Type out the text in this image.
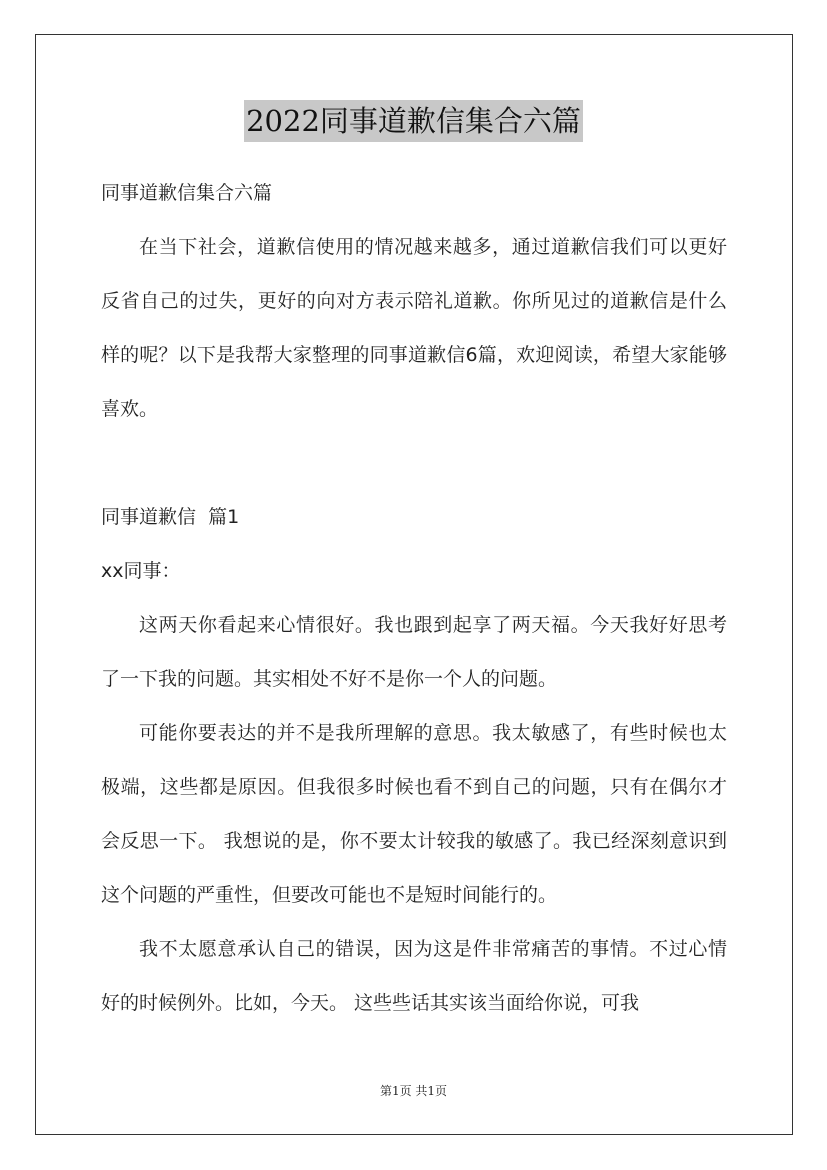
2022同事道歉信集合六篇

同事道歉信集合六篇

在当下社会，道歉信使用的情况越来越多，通过道歉信我们可以更好反省自己的过失，更好的向对方表示陪礼道歉。你所见过的道歉信是什么样的呢？以下是我帮大家整理的同事道歉信6篇，欢迎阅读，希望大家能够喜欢。

同事道歉信  篇1

xx同事：

这两天你看起来心情很好。我也跟到起享了两天福。今天我好好思考了一下我的问题。其实相处不好不是你一个人的问题。

可能你要表达的并不是我所理解的意思。我太敏感了，有些时候也太极端，这些都是原因。但我很多时候也看不到自己的问题，只有在偶尔才会反思一下。 我想说的是，你不要太计较我的敏感了。我已经深刻意识到这个问题的严重性，但要改可能也不是短时间能行的。

我不太愿意承认自己的错误，因为这是件非常痛苦的事情。不过心情好的时候例外。比如，今天。 这些些话其实该当面给你说，可我

第1页 共1页
